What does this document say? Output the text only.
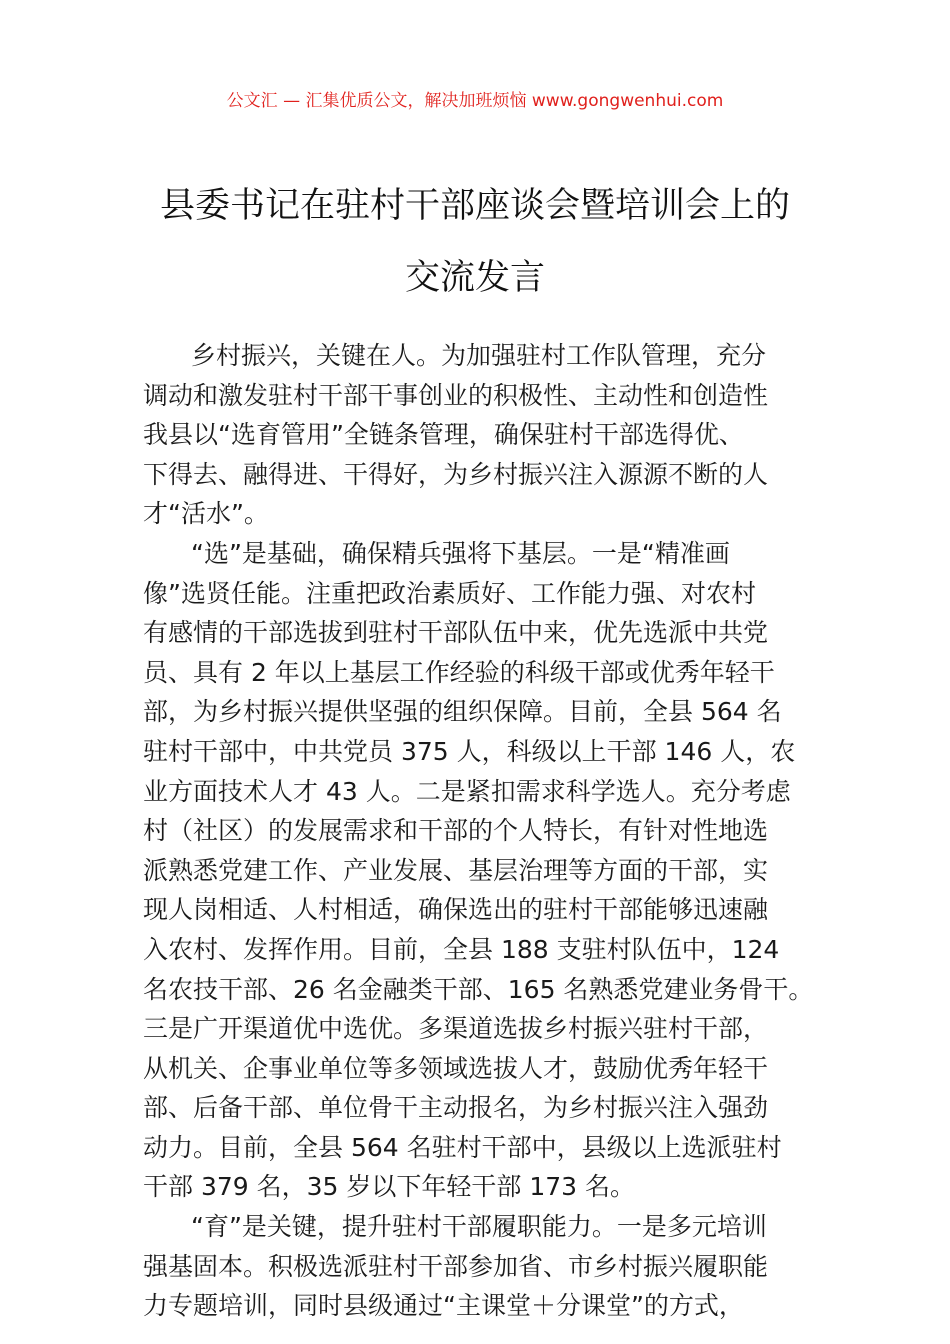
公文汇 — 汇集优质公文，解决加班烦恼 www.gongwenhui.com
县委书记在驻村干部座谈会暨培训会上的
交流发言
乡村振兴，关键在人。为加强驻村工作队管理，充分
调动和激发驻村干部干事创业的积极性、主动性和创造性
我县以“选育管用”全链条管理，确保驻村干部选得优、
下得去、融得进、干得好，为乡村振兴注入源源不断的人
才“活水”。
“选”是基础，确保精兵强将下基层。一是“精准画
像”选贤任能。注重把政治素质好、工作能力强、对农村
有感情的干部选拔到驻村干部队伍中来，优先选派中共党
员、具有 2 年以上基层工作经验的科级干部或优秀年轻干
部，为乡村振兴提供坚强的组织保障。目前，全县 564 名
驻村干部中，中共党员 375 人，科级以上干部 146 人，农
业方面技术人才 43 人。二是紧扣需求科学选人。充分考虑
村（社区）的发展需求和干部的个人特长，有针对性地选
派熟悉党建工作、产业发展、基层治理等方面的干部，实
现人岗相适、人村相适，确保选出的驻村干部能够迅速融
入农村、发挥作用。目前，全县 188 支驻村队伍中，124
名农技干部、26 名金融类干部、165 名熟悉党建业务骨干。
三是广开渠道优中选优。多渠道选拔乡村振兴驻村干部，
从机关、企事业单位等多领域选拔人才，鼓励优秀年轻干
部、后备干部、单位骨干主动报名，为乡村振兴注入强劲
动力。目前，全县 564 名驻村干部中，县级以上选派驻村
干部 379 名，35 岁以下年轻干部 173 名。
“育”是关键，提升驻村干部履职能力。一是多元培训
强基固本。积极选派驻村干部参加省、市乡村振兴履职能
力专题培训，同时县级通过“主课堂＋分课堂”的方式，
